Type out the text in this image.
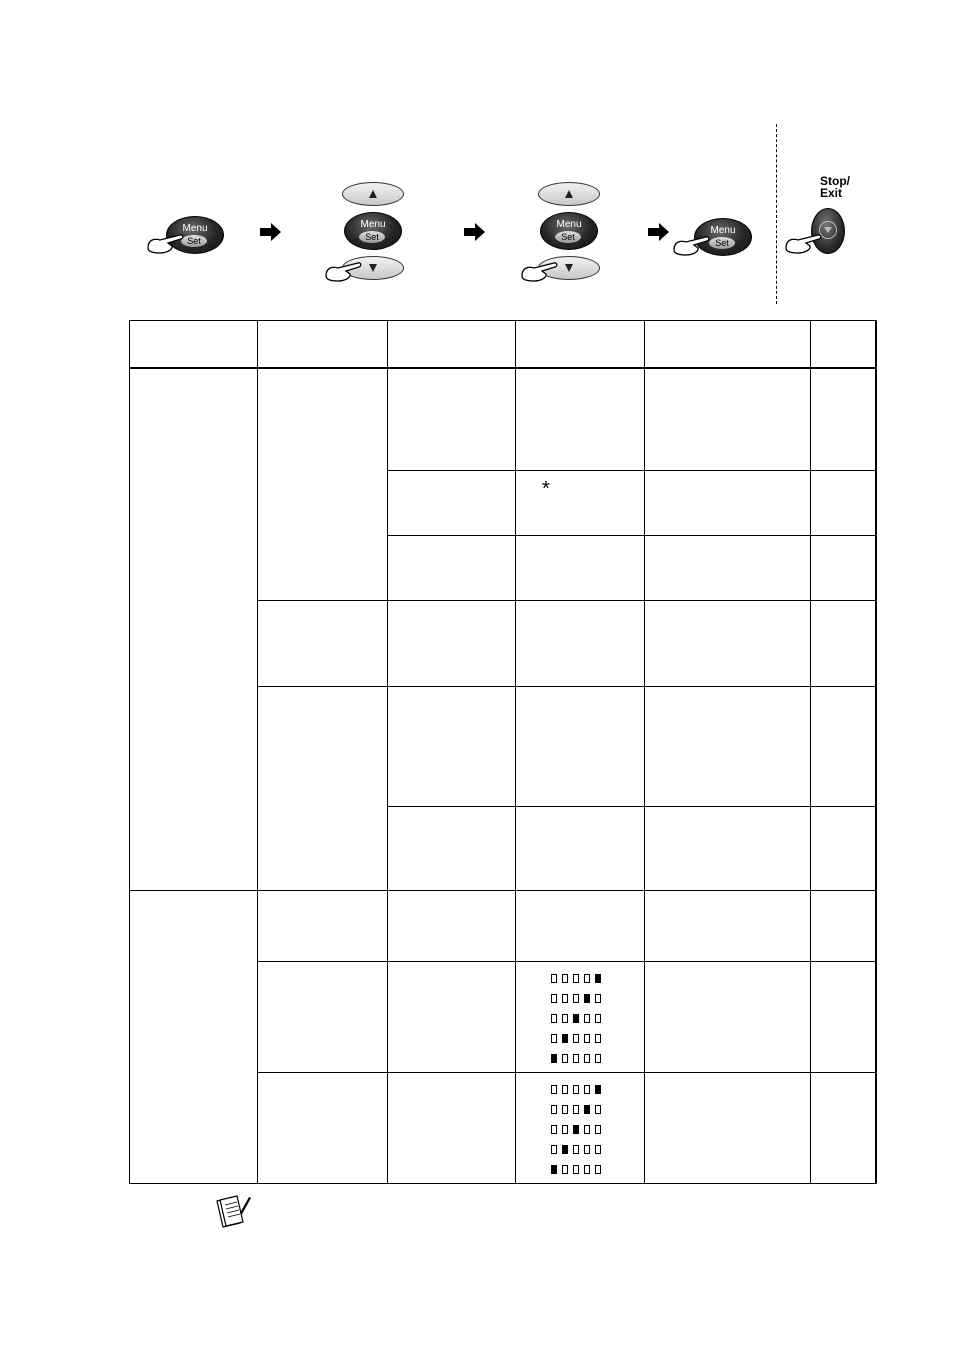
Menu
Set
Menu
Set
Menu
Set
Menu
Set
Stop/
Exit
*
